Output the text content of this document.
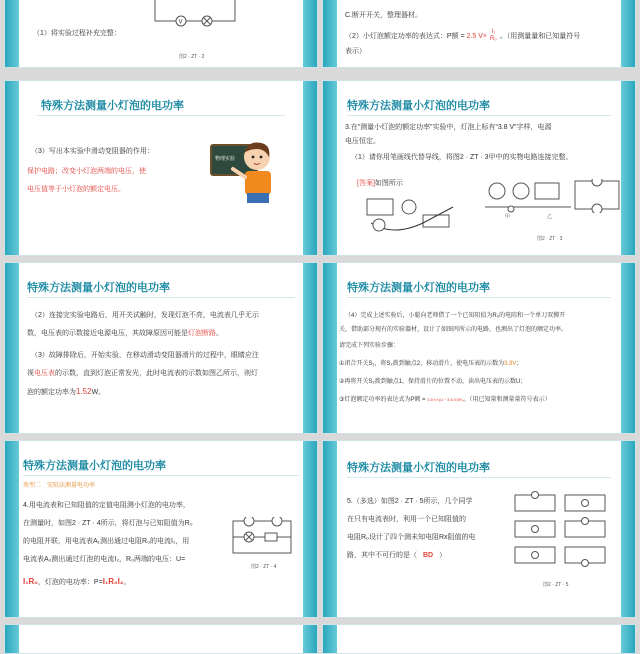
V
（1）将实验过程补充完整：
图2 · ZT · 2
C.断开开关，整理器材。
（2）小灯泡额定功率的表达式：P额 = 2.5 V×I₁
R₀ 。（用测量量和已知量符号
表示）
特殊方法测量小灯泡的电功率
（3）写出本实验中滑动变阻器的作用：
保护电路；改变小灯泡两端的电压，使
电压值等于小灯泡的额定电压。
物理实验
特殊方法测量小灯泡的电功率
3.在“测量小灯泡的额定功率”实验中，灯泡上标有“3.8 V”字样，电源
电压恒定。
（1）请你用笔画线代替导线，将图2 · ZT · 3甲中的实物电路连接完整。
[答案]如图所示
甲	乙
图2 · ZT · 3
特殊方法测量小灯泡的电功率
（2）连接完实验电路后，用开关试触时，发现灯泡不亮，电流表几乎无示
数，电压表的示数接近电源电压，其故障原因可能是灯泡断路。
（3）故障排除后，开始实验，在移动滑动变阻器滑片的过程中，眼睛应注
视电压表的示数，直到灯泡正常发光，此时电流表的示数如图乙所示，则灯
泡的额定功率为1.52W。
特殊方法测量小灯泡的电功率
（4）完成上述实验后，小聪向老师借了一个已知阻值为R₀的电阻和一个单刀双掷开
关，借助部分现有的实验器材，设计了如图丙所示的电路，也测出了灯泡的额定功率。
请完成下列实验步骤：
①闭合开关S₁，将S₂拨到触点2，移动滑片，使电压表的示数为3.8V；
②再将开关S₂拨到触点1，保持滑片的位置不动，读出电压表的示数U；
③灯泡额定功率的表达式为P额 = 3.8 V×(U－3.8 V)/R₀。（用已知量和测量量符号表示）
特殊方法测量小灯泡的电功率
类型二 安阻法测量电功率
4.用电流表和已知阻值的定值电阻测小灯泡的电功率，
在测量时，如图2 · ZT · 4所示，将灯泡与已知阻值为R₀
的电阻并联，用电流表A₁测出通过电阻R₀的电流I₁，用
电流表A₂测出通过灯泡的电流I₂，R₀两端的电压：U=
I₁R₀，灯泡的电功率：P=I₁R₀I₂。
图2 · ZT · 4
特殊方法测量小灯泡的电功率
5.（多选）如图2 · ZT · 5所示，几个同学
在只有电流表时，利用一个已知阻值的
电阻R₀设计了四个测未知电阻Rx阻值的电
路，其中不可行的是（ BD ）
图2 · ZT · 5
